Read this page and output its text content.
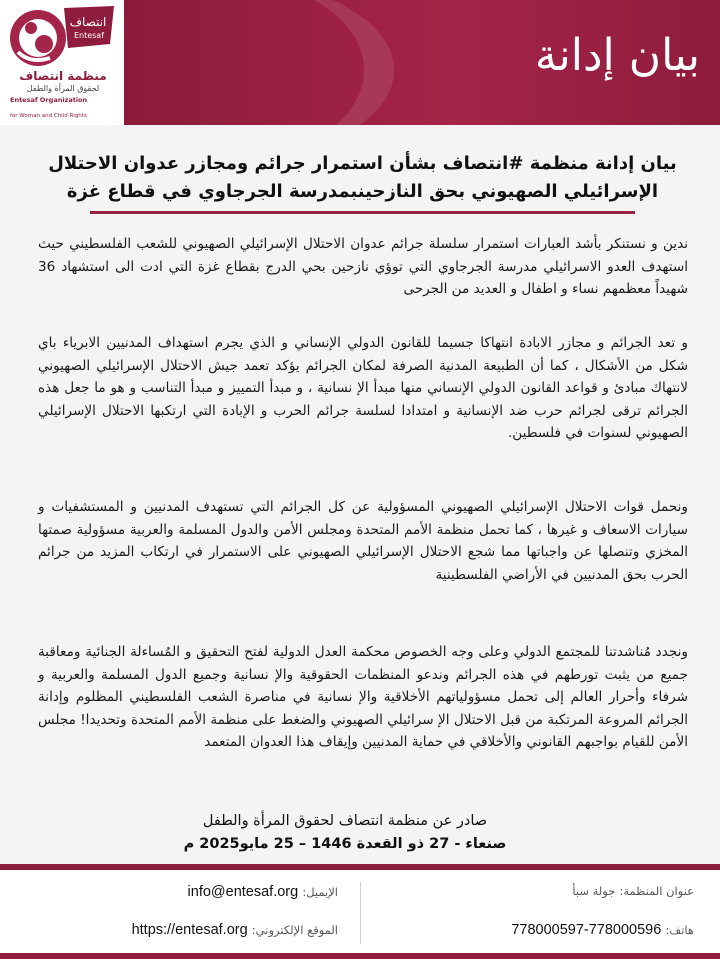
انتصاف
Entesaf
منظمة انتصاف
لحقوق المرأة والطفل
Entesaf Organization
for Woman and Child Rights
بيان إدانة
بيان إدانة منظمة #انتصاف بشأن استمرار جرائم ومجازر عدوان الاحتلال الإسرائيلي الصهيوني بحق النازحينبمدرسة الجرجاوي في قطاع غزة
ندين و نستنكر بأشد العبارات استمرار سلسلة جرائم عدوان الاحتلال الإسرائيلي الصهيوني للشعب الفلسطيني حيث استهدف العدو الاسرائيلي مدرسة الجرجاوي التي توؤي نازحين بحي الدرج بقطاع غزة التي ادت الى استشهاد 36 شهيداً معظمهم نساء و اطفال و العديد من الجرحى
و تعد الجرائم و مجازر الابادة انتهاكا جسيما للقانون الدولي الإنساني و الذي يجرم استهداف المدنيين الابرياء باي شكل من الأشكال ، كما أن الطبيعة المدنية الصرفة لمكان الجرائم يؤكد تعمد جيش الاحتلال الإسرائيلي الصهيوني لانتهاك مبادئ و قواعد القانون الدولي الإنساني منها مبدأ الإ نسانية ، و مبدأ التمييز و مبدأ التناسب و هو ما جعل هذه الجرائم ترقى لجرائم حرب ضد الإنسانية و امتدادا لسلسة جرائم الحرب و الإبادة التي ارتكبها الاحتلال الإسرائيلي الصهيوني لسنوات في فلسطين.
ونحمل قوات الاحتلال الإسرائيلي الصهيوني المسؤولية عن كل الجرائم التي تستهدف المدنيين و المستشفيات و سيارات الاسعاف و غيرها ، كما تحمل منظمة الأمم المتحدة ومجلس الأمن والدول المسلمة والعربية مسؤولية صمتها المخزي وتنصلها عن واجباتها مما شجع الاحتلال الإسرائيلي الصهيوني على الاستمرار في ارتكاب المزيد من جرائم الحرب بحق المدنيين في الأراضي الفلسطينية
ونجدد مُناشدتنا للمجتمع الدولي وعلى وجه الخصوص محكمة العدل الدولية لفتح التحقيق و المُساءلة الجنائية ومعاقبة جميع من يثبت تورطهم في هذه الجرائم وندعو المنظمات الحقوقية والإ نسانية وجميع الدول المسلمة والعربية و شرفاء وأحرار العالم إلى تحمل مسؤولياتهم الأخلاقية والإ نسانية في مناصرة الشعب الفلسطيني المظلوم وإدانة الجرائم المروعة المرتكبة من قبل الاحتلال الإ سرائيلي الصهيوني والضغط على منظمة الأمم المتحدة وتحديدا! مجلس الأمن للقيام بواجبهم القانوني والأخلاقي في حماية المدنيين وإيقاف هذا العدوان المتعمد
صادر عن منظمة انتصاف لحقوق المرأة والطفل
صنعاء - 27 ذو القعدة 1446 – 25 مايو2025 م
عنوان المنظمة: جولة سبأ
هاتف: 778000597-778000596
الإيميل: info@entesaf.org
الموقع الإلكتروني: https://entesaf.org
